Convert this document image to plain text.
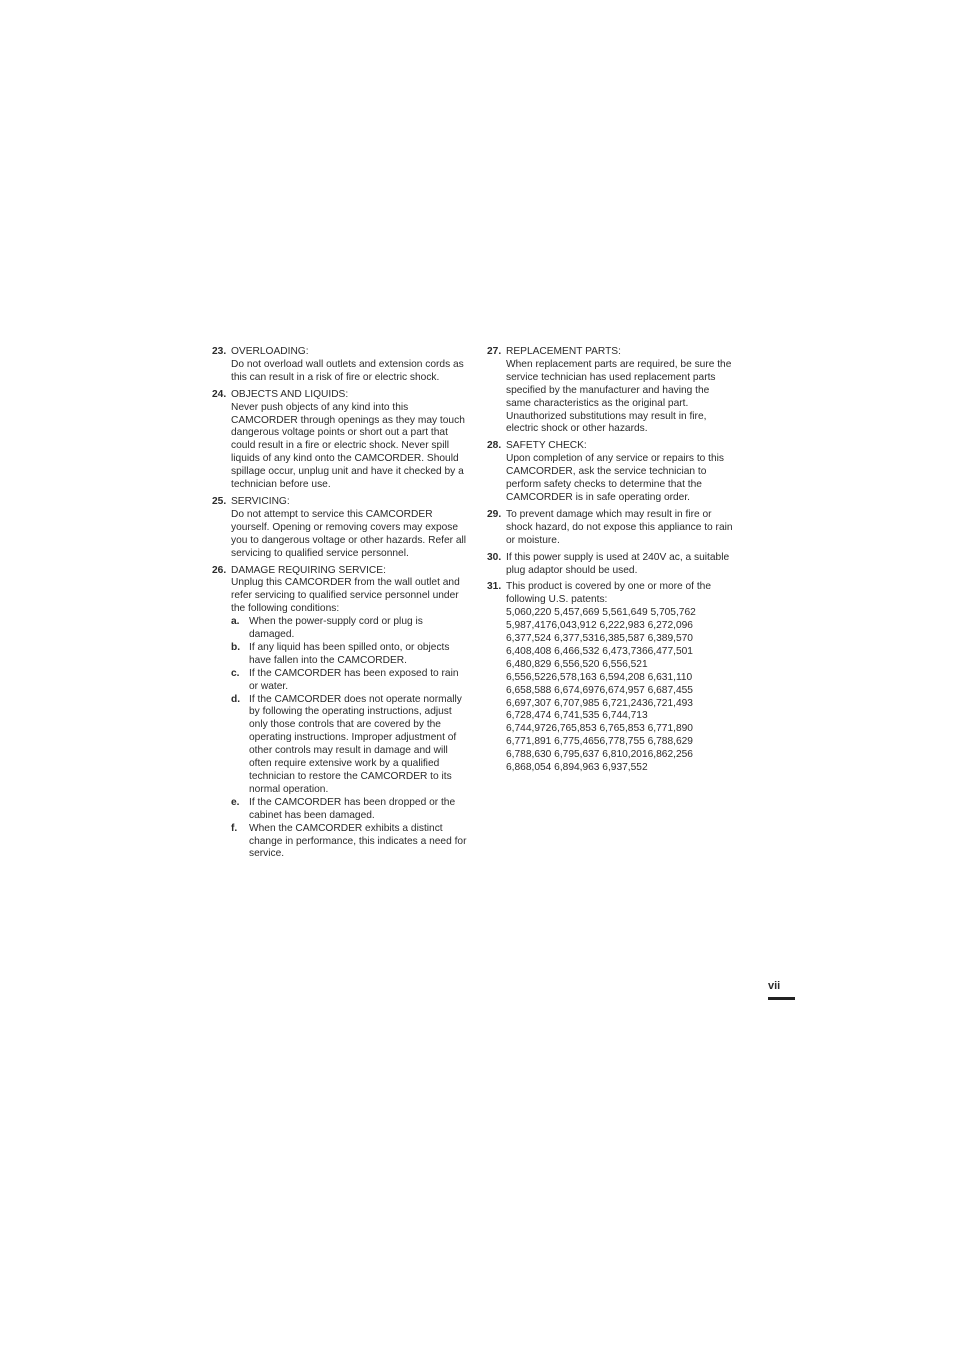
23. OVERLOADING:
Do not overload wall outlets and extension cords as this can result in a risk of fire or electric shock.
24. OBJECTS AND LIQUIDS:
Never push objects of any kind into this CAMCORDER through openings as they may touch dangerous voltage points or short out a part that could result in a fire or electric shock. Never spill liquids of any kind onto the CAMCORDER. Should spillage occur, unplug unit and have it checked by a technician before use.
25. SERVICING:
Do not attempt to service this CAMCORDER yourself. Opening or removing covers may expose you to dangerous voltage or other hazards. Refer all servicing to qualified service personnel.
26. DAMAGE REQUIRING SERVICE:
Unplug this CAMCORDER from the wall outlet and refer servicing to qualified service personnel under the following conditions:
a. When the power-supply cord or plug is damaged.
b. If any liquid has been spilled onto, or objects have fallen into the CAMCORDER.
c. If the CAMCORDER has been exposed to rain or water.
d. If the CAMCORDER does not operate normally by following the operating instructions, adjust only those controls that are covered by the operating instructions. Improper adjustment of other controls may result in damage and will often require extensive work by a qualified technician to restore the CAMCORDER to its normal operation.
e. If the CAMCORDER has been dropped or the cabinet has been damaged.
f.	When the CAMCORDER exhibits a distinct change in performance, this indicates a need for service.
27. REPLACEMENT PARTS:
When replacement parts are required, be sure the service technician has used replacement parts specified by the manufacturer and having the same characteristics as the original part. Unauthorized substitutions may result in fire, electric shock or other hazards.
28. SAFETY CHECK:
Upon completion of any service or repairs to this CAMCORDER, ask the service technician to perform safety checks to determine that the CAMCORDER is in safe operating order.
29. To prevent damage which may result in fire or shock hazard, do not expose this appliance to rain or moisture.
30. If this power supply is used at 240V ac, a suitable plug adaptor should be used.
31. This product is covered by one or more of the following U.S. patents:
5,060,220 5,457,669 5,561,649 5,705,762
5,987,4176,043,912 6,222,983 6,272,096
6,377,524 6,377,5316,385,587 6,389,570
6,408,408 6,466,532 6,473,7366,477,501
6,480,829 6,556,520 6,556,521
6,556,5226,578,163 6,594,208 6,631,110
6,658,588 6,674,6976,674,957 6,687,455
6,697,307 6,707,985 6,721,2436,721,493
6,728,474 6,741,535 6,744,713
6,744,9726,765,853 6,765,853 6,771,890
6,771,891 6,775,4656,778,755 6,788,629
6,788,630 6,795,637 6,810,2016,862,256
6,868,054 6,894,963 6,937,552
vii
